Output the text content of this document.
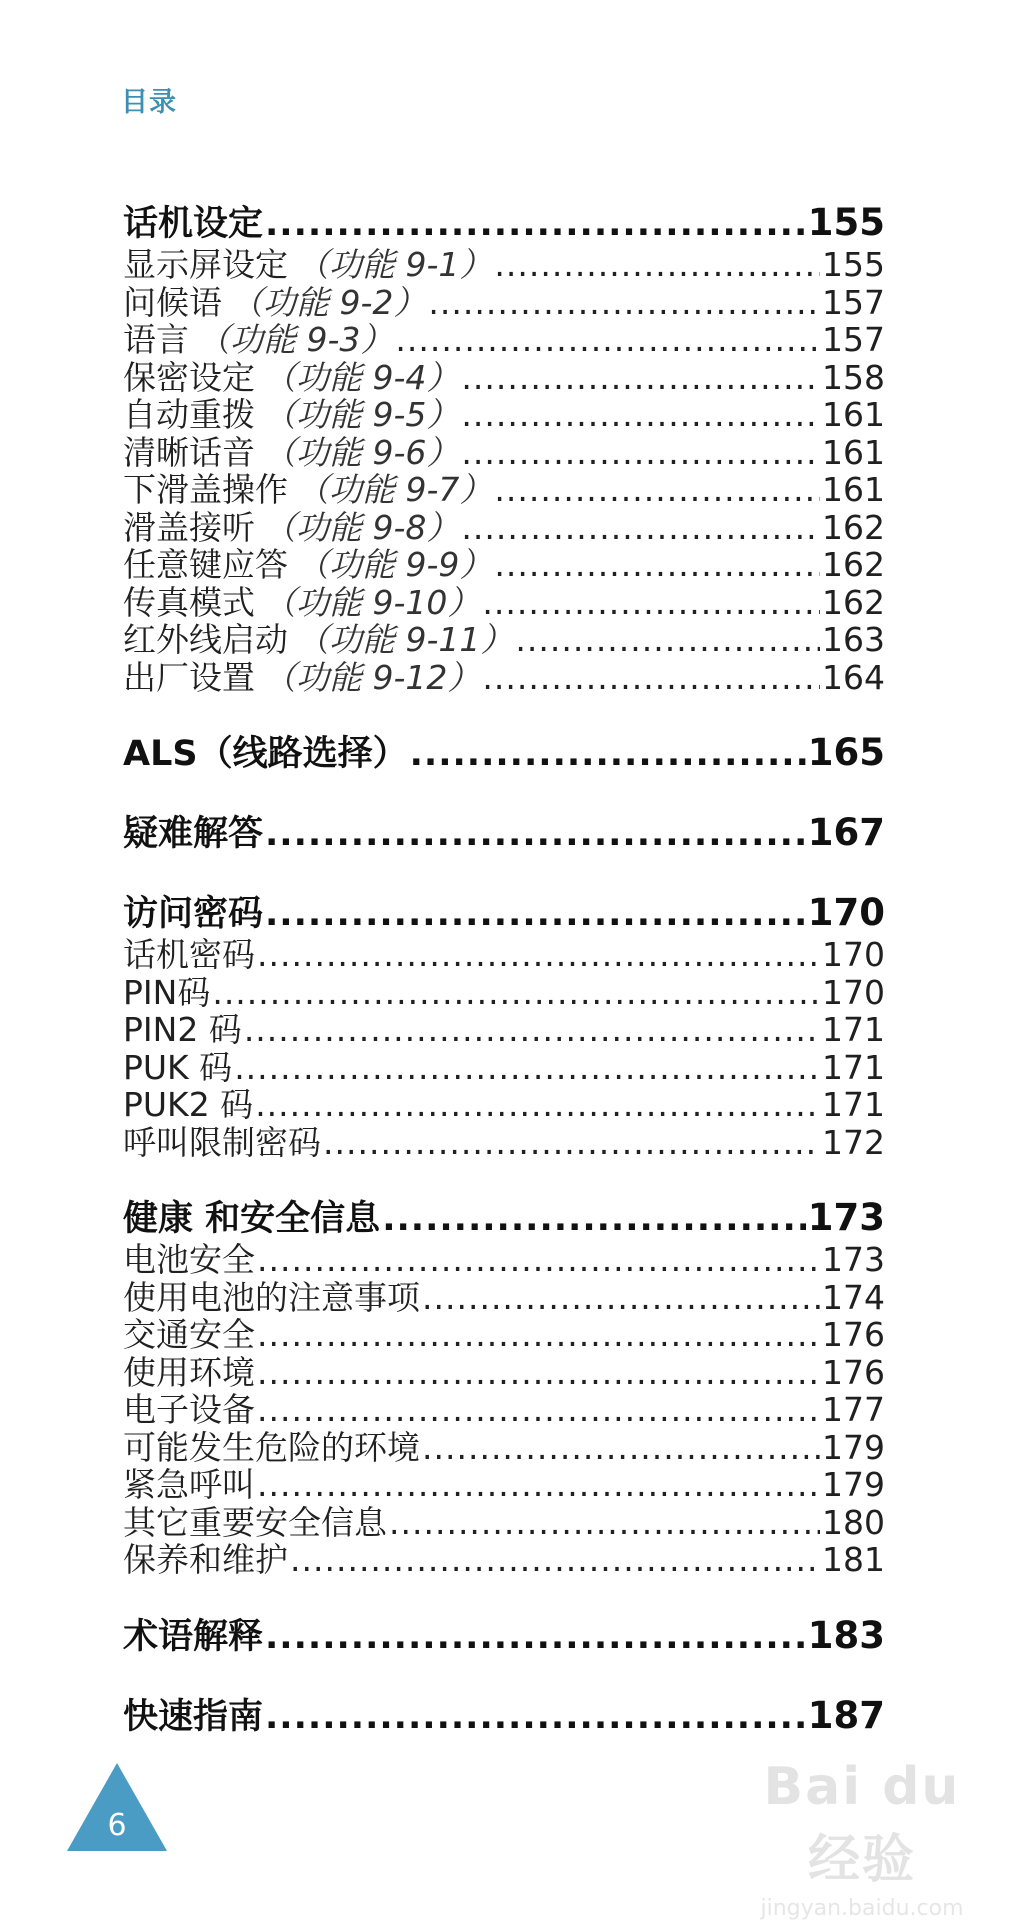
目录
话机设定 .....	155
显示屏设定 （功能 9-1） .....	155
问候语 （功能 9-2） .....	157
语言 （功能 9-3） .....	157
保密设定 （功能 9-4） .....	158
自动重拨 （功能 9-5） .....	161
清晰话音 （功能 9-6） .....	161
下滑盖操作 （功能 9-7） .....	161
滑盖接听 （功能 9-8） .....	162
任意键应答 （功能 9-9） .....	162
传真模式 （功能 9-10） .....	162
红外线启动 （功能 9-11） .....	163
出厂设置 （功能 9-12） .....	164
ALS（线路选择） .....	165
疑难解答 .....	167
访问密码 .....	170
话机密码 .....	170
PIN码 .....	170
PIN2 码 .....	171
PUK 码 .....	171
PUK2 码 .....	171
呼叫限制密码 .....	172
健康 和安全信息 .....	173
电池安全 .....	173
使用电池的注意事项 .....	174
交通安全 .....	176
使用环境 .....	176
电子设备 .....	177
可能发生危险的环境 .....	179
紧急呼叫 .....	179
其它重要安全信息 .....	180
保养和维护 .....	181
术语解释 .....	183
快速指南 .....	187
6
Bai du 经验
jingyan.baidu.com
